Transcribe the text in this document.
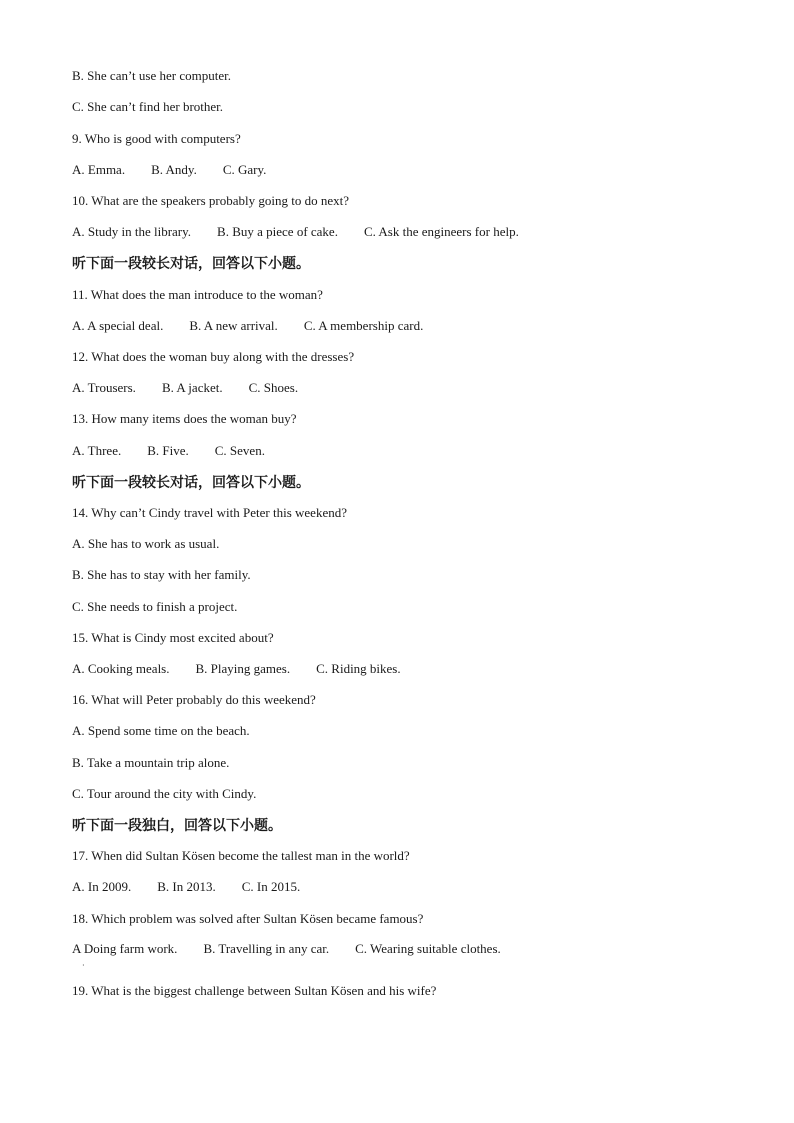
B. She can’t use her computer.
C. She can’t find her brother.
9. Who is good with computers?
A. Emma. B. Andy. C. Gary.
10. What are the speakers probably going to do next?
A. Study in the library. B. Buy a piece of cake. C. Ask the engineers for help.
听下面一段较长对话，回答以下小题。
11. What does the man introduce to the woman?
A. A special deal. B. A new arrival. C. A membership card.
12. What does the woman buy along with the dresses?
A. Trousers. B. A jacket. C. Shoes.
13. How many items does the woman buy?
A. Three. B. Five. C. Seven.
听下面一段较长对话，回答以下小题。
14. Why can’t Cindy travel with Peter this weekend?
A. She has to work as usual.
B. She has to stay with her family.
C. She needs to finish a project.
15. What is Cindy most excited about?
A. Cooking meals. B. Playing games. C. Riding bikes.
16. What will Peter probably do this weekend?
A. Spend some time on the beach.
B. Take a mountain trip alone.
C. Tour around the city with Cindy.
听下面一段独白，回答以下小题。
17. When did Sultan Kösen become the tallest man in the world?
A. In 2009. B. In 2013. C. In 2015.
18. Which problem was solved after Sultan Kösen became famous?
A Doing farm work. B. Travelling in any car. C. Wearing suitable clothes.
19. What is the biggest challenge between Sultan Kösen and his wife?
·
